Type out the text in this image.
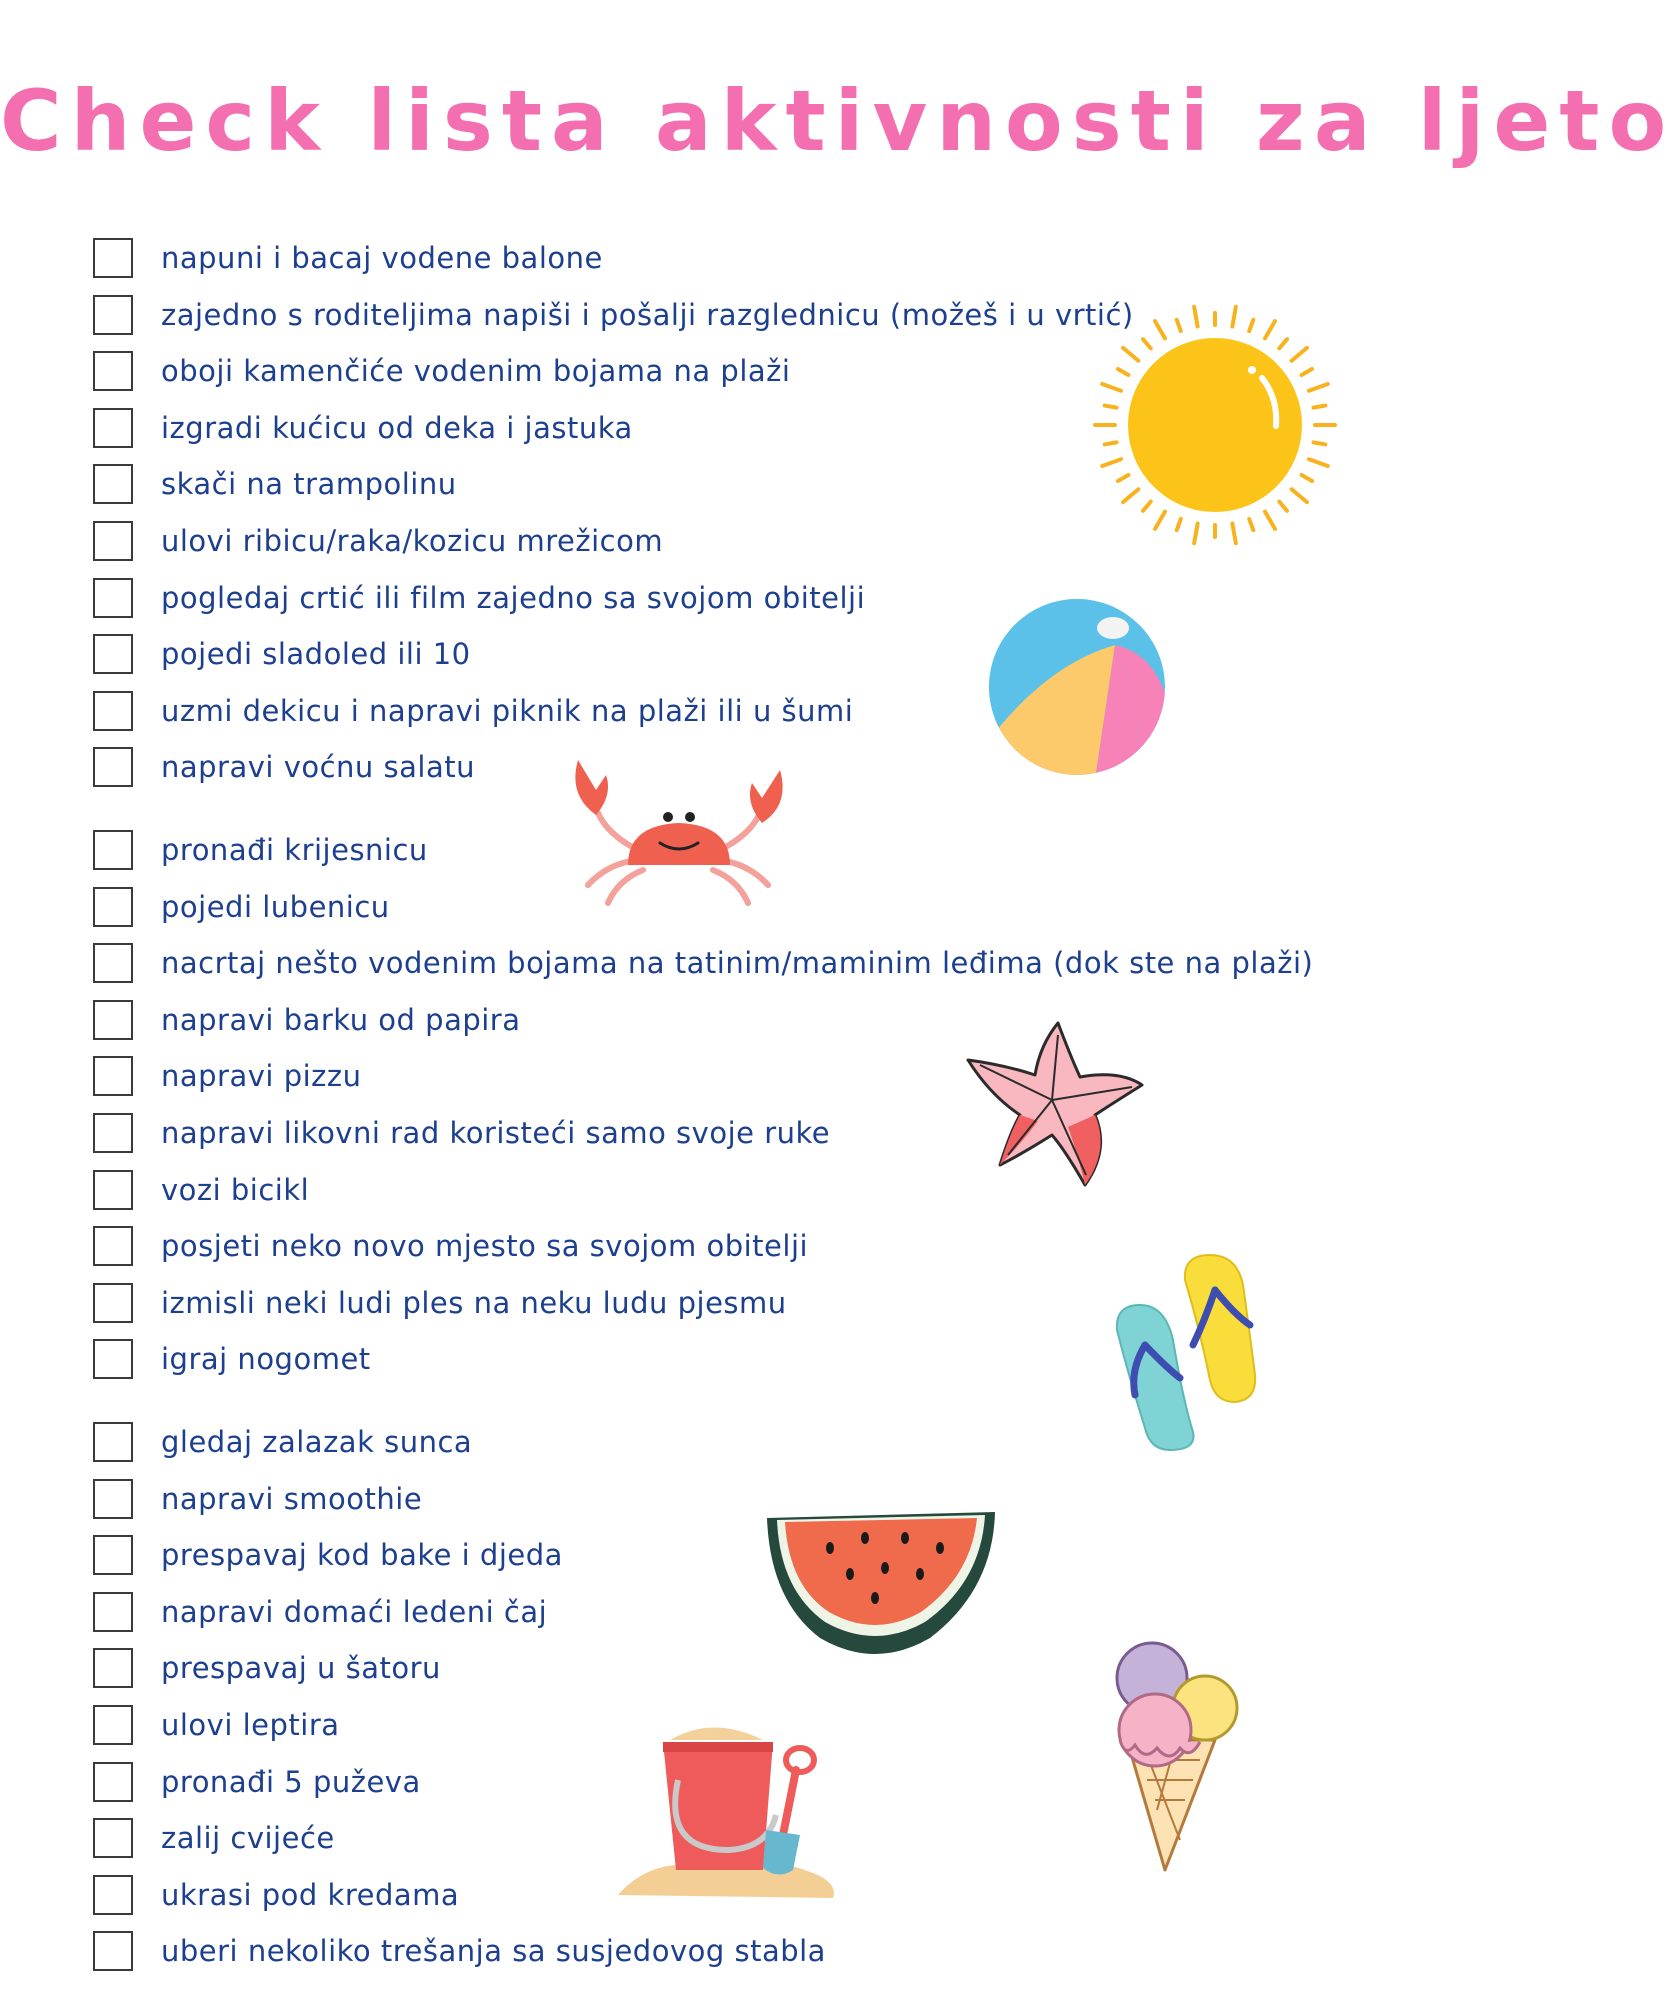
Check lista aktivnosti za ljeto
napuni i bacaj vodene balone
zajedno s roditeljima napiši i pošalji razglednicu (možeš i u vrtić)
oboji kamenčiće vodenim bojama na plaži
izgradi kućicu od deka i jastuka
skači na trampolinu
ulovi ribicu/raka/kozicu mrežicom
pogledaj crtić ili film zajedno sa svojom obitelji
pojedi sladoled ili 10
uzmi dekicu i napravi piknik na plaži ili u šumi
napravi voćnu salatu
pronađi krijesnicu
pojedi lubenicu
nacrtaj nešto vodenim bojama na tatinim/maminim leđima (dok ste na plaži)
napravi barku od papira
napravi pizzu
napravi likovni rad koristeći samo svoje ruke
vozi bicikl
posjeti neko novo mjesto sa svojom obitelji
izmisli neki ludi ples na neku ludu pjesmu
igraj nogomet
gledaj zalazak sunca
napravi smoothie
prespavaj kod bake i djeda
napravi domaći ledeni čaj
prespavaj u šatoru
ulovi leptira
pronađi 5 puževa
zalij cvijeće
ukrasi pod kredama
uberi nekoliko trešanja sa susjedovog stabla
